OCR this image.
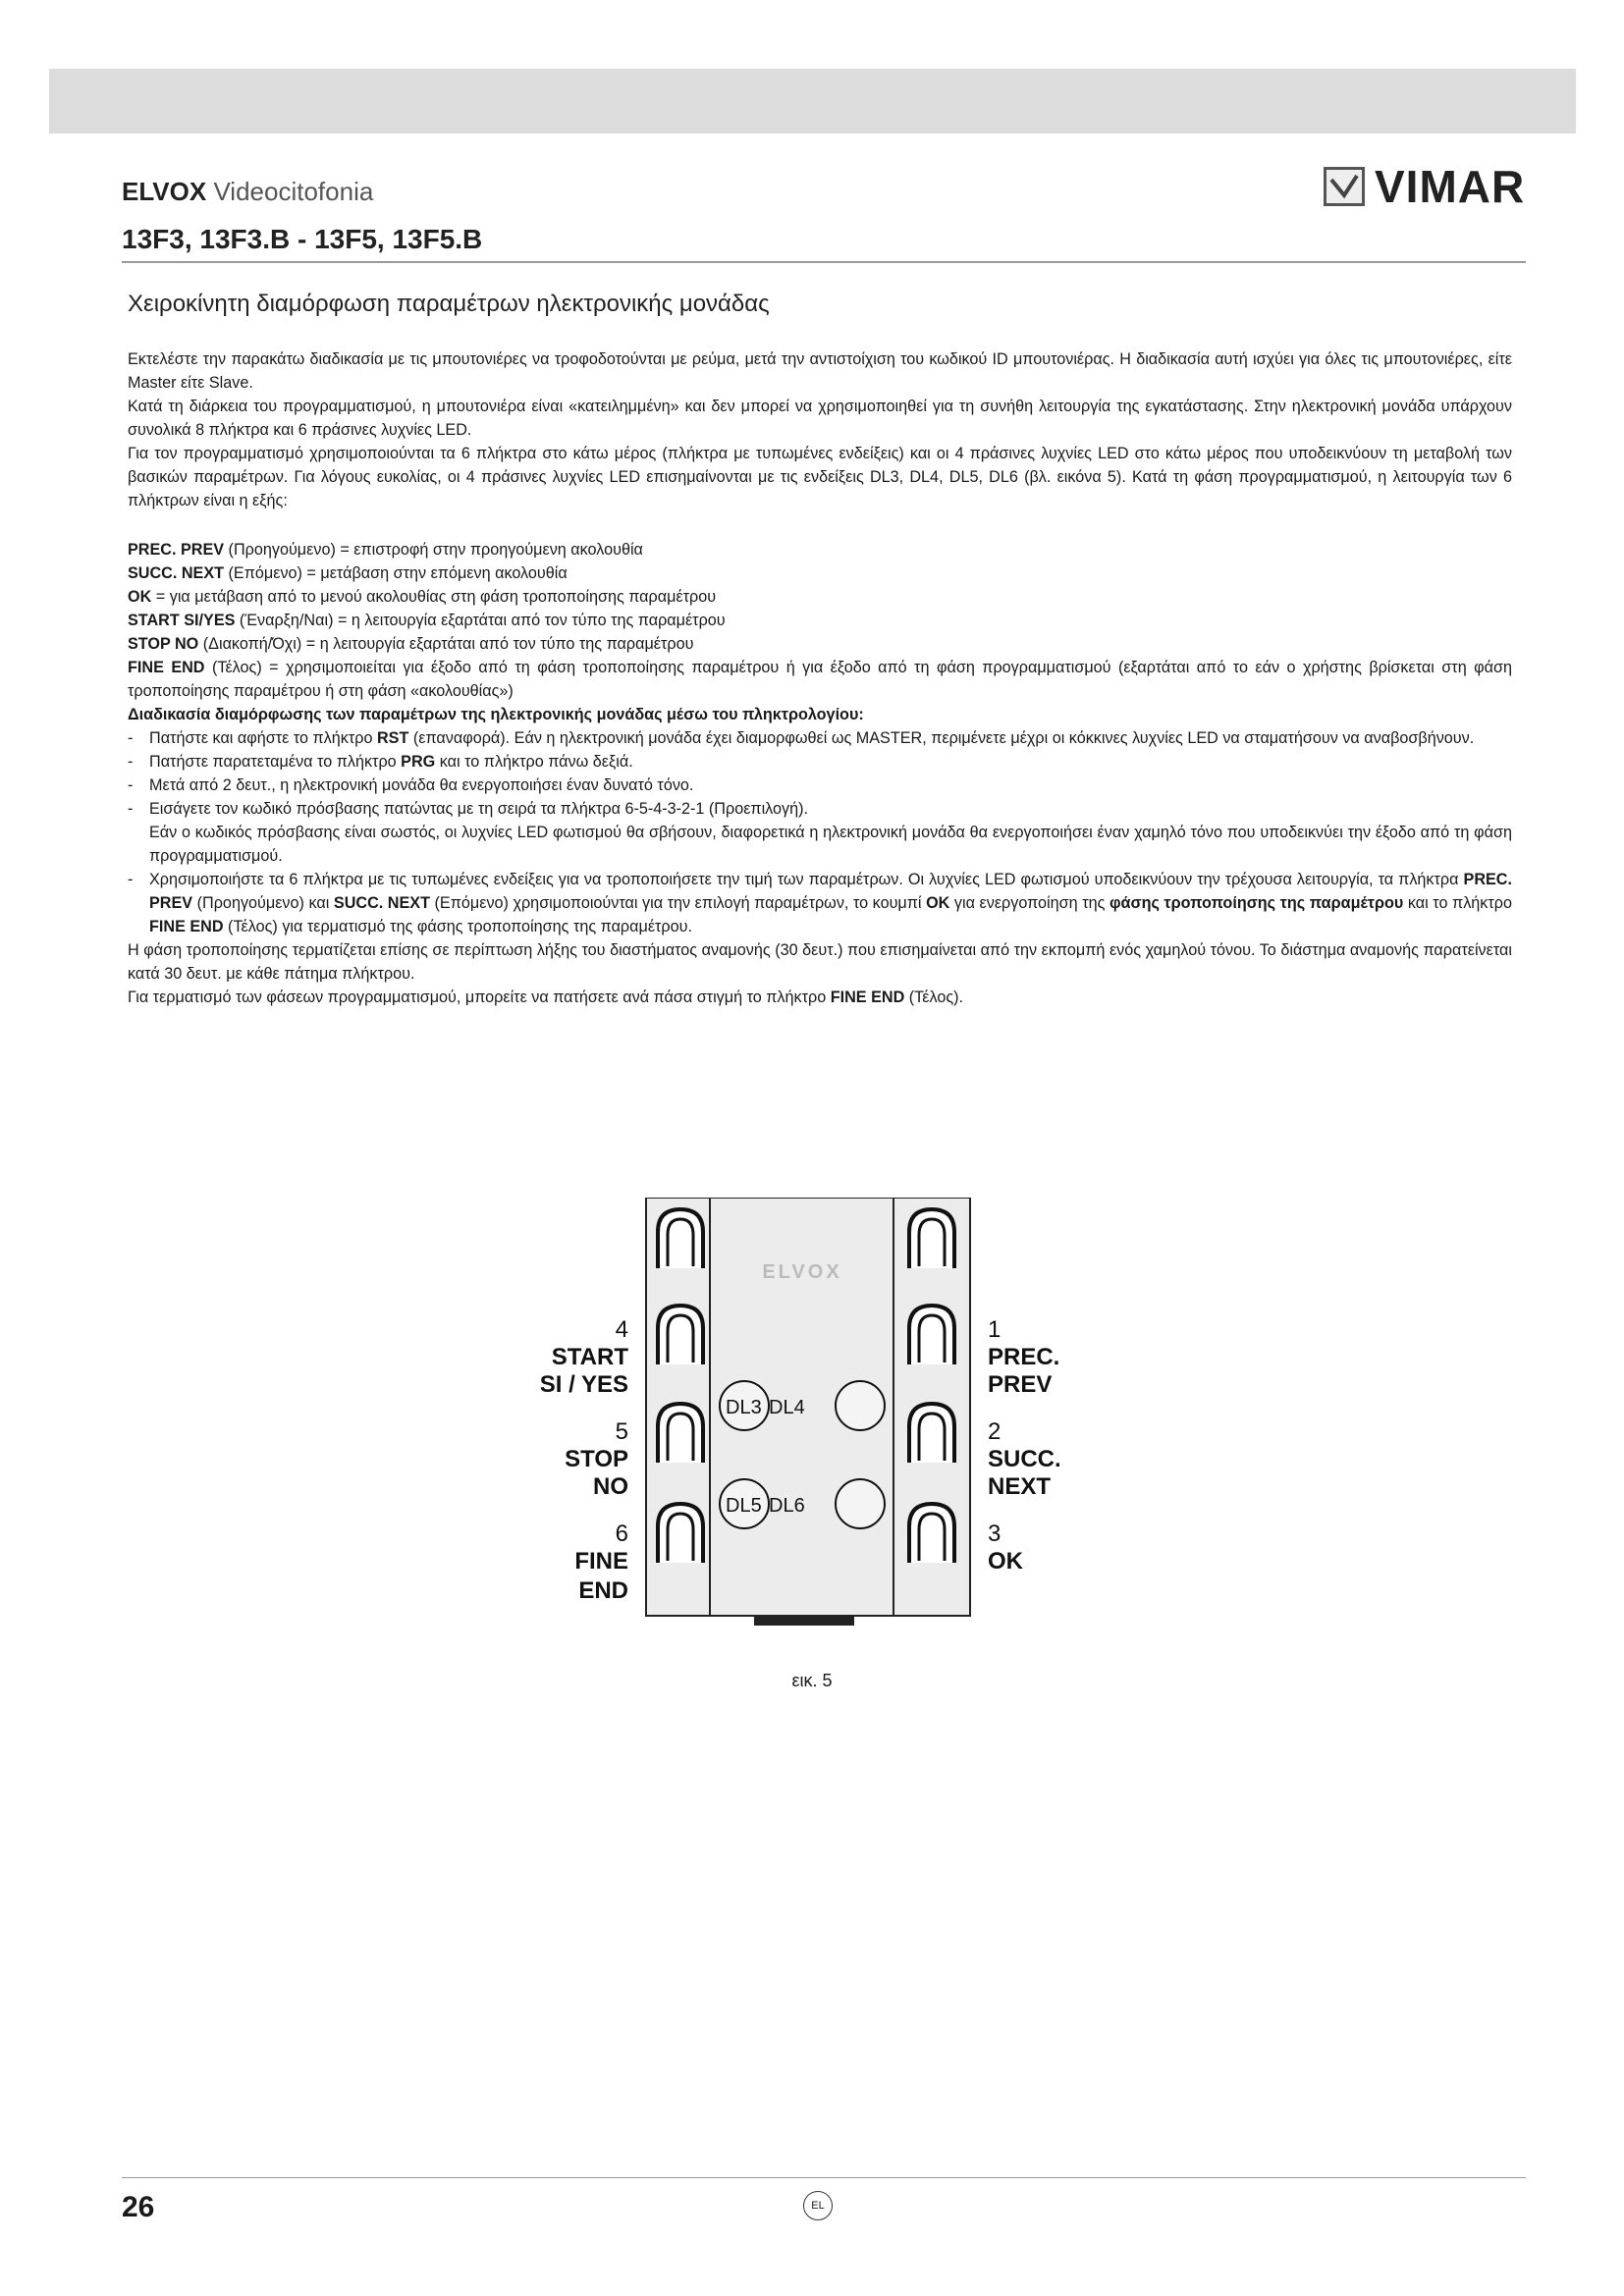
ELVOX Videocitofonia	VIMAR
13F3, 13F3.B - 13F5, 13F5.B
Χειροκίνητη διαμόρφωση παραμέτρων ηλεκτρονικής μονάδας

Εκτελέστε την παρακάτω διαδικασία με τις μπουτονιέρες να τροφοδοτούνται με ρεύμα, μετά την αντιστοίχιση του κωδικού ID μπουτονιέρας. Η διαδικασία αυτή ισχύει για όλες τις μπουτονιέρες, είτε Master είτε Slave.

Κατά τη διάρκεια του προγραμματισμού, η μπουτονιέρα είναι «κατειλημμένη» και δεν μπορεί να χρησιμοποιηθεί για τη συνήθη λειτουργία της εγκατάστασης. Στην ηλεκτρονική μονάδα υπάρχουν συνολικά 8 πλήκτρα και 6 πράσινες λυχνίες LED.

Για τον προγραμματισμό χρησιμοποιούνται τα 6 πλήκτρα στο κάτω μέρος (πλήκτρα με τυπωμένες ενδείξεις) και οι 4 πράσινες λυχνίες LED στο κάτω μέρος που υποδεικνύουν τη μεταβολή των βασικών παραμέτρων. Για λόγους ευκολίας, οι 4 πράσινες λυχνίες LED επισημαίνονται με τις ενδείξεις DL3, DL4, DL5, DL6 (βλ. εικόνα 5). Κατά τη φάση προγραμματισμού, η λειτουργία των 6 πλήκτρων είναι η εξής:

PREC. PREV (Προηγούμενο) = επιστροφή στην προηγούμενη ακολουθία

SUCC. NEXT (Επόμενο) = μετάβαση στην επόμενη ακολουθία

OK = για μετάβαση από το μενού ακολουθίας στη φάση τροποποίησης παραμέτρου

START SI/YES (Έναρξη/Ναι) = η λειτουργία εξαρτάται από τον τύπο της παραμέτρου

STOP NO (Διακοπή/Όχι) = η λειτουργία εξαρτάται από τον τύπο της παραμέτρου

FINE END (Τέλος) = χρησιμοποιείται για έξοδο από τη φάση τροποποίησης παραμέτρου ή για έξοδο από τη φάση προγραμματισμού (εξαρτάται από το εάν ο χρήστης βρίσκεται στη φάση τροποποίησης παραμέτρου ή στη φάση «ακολουθίας»)

Διαδικασία διαμόρφωσης των παραμέτρων της ηλεκτρονικής μονάδας μέσω του πληκτρολογίου:

- Πατήστε και αφήστε το πλήκτρο RST (επαναφορά). Εάν η ηλεκτρονική μονάδα έχει διαμορφωθεί ως MASTER, περιμένετε μέχρι οι κόκκινες λυχνίες LED να σταματήσουν να αναβοσβήνουν.
- Πατήστε παρατεταμένα το πλήκτρο PRG και το πλήκτρο πάνω δεξιά.
- Μετά από 2 δευτ., η ηλεκτρονική μονάδα θα ενεργοποιήσει έναν δυνατό τόνο.
- Εισάγετε τον κωδικό πρόσβασης πατώντας με τη σειρά τα πλήκτρα 6-5-4-3-2-1 (Προεπιλογή).
Εάν ο κωδικός πρόσβασης είναι σωστός, οι λυχνίες LED φωτισμού θα σβήσουν, διαφορετικά η ηλεκτρονική μονάδα θα ενεργοποιήσει έναν χαμηλό τόνο που υποδεικνύει την έξοδο από τη φάση προγραμματισμού.
- Χρησιμοποιήστε τα 6 πλήκτρα με τις τυπωμένες ενδείξεις για να τροποποιήσετε την τιμή των παραμέτρων. Οι λυχνίες LED φωτισμού υποδεικνύουν την τρέχουσα λειτουργία, τα πλήκτρα PREC. PREV (Προηγούμενο) και SUCC. NEXT (Επόμενο) χρησιμοποιούνται για την επιλογή παραμέτρων, το κουμπί OK για ενεργοποίηση της φάσης τροποποίησης της παραμέτρου και το πλήκτρο FINE END (Τέλος) για τερματισμό της φάσης τροποποίησης της παραμέτρου.

Η φάση τροποποίησης τερματίζεται επίσης σε περίπτωση λήξης του διαστήματος αναμονής (30 δευτ.) που επισημαίνεται από την εκπομπή ενός χαμηλού τόνου. Το διάστημα αναμονής παρατείνεται κατά 30 δευτ. με κάθε πάτημα πλήκτρου.

Για τερματισμό των φάσεων προγραμματισμού, μπορείτε να πατήσετε ανά πάσα στιγμή το πλήκτρο FINE END (Τέλος).

ELVOX
DL3 DL4
DL5 DL6
4
START
SI / YES
5
STOP
NO
6
FINE
END
1
PREC.
PREV
2
SUCC.
NEXT
3
OK
εικ. 5
26	EL
